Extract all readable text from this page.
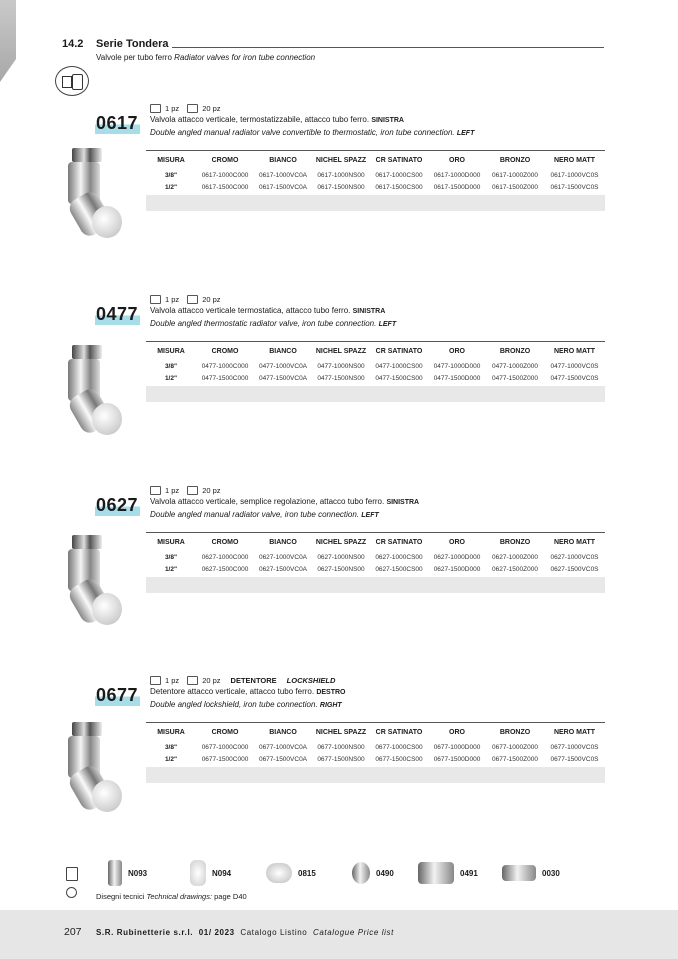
14.2 Serie Tondera
Valvole per tubo ferro Radiator valves for iron tube connection
1 pz	20 pz
0617 Valvola attacco verticale, termostatizzabile, attacco tubo ferro. SINISTRA
Double angled manual radiator valve convertible to thermostatic, iron tube connection. LEFT
MISURA	CROMO	BIANCO	NICHEL SPAZZ	CR SATINATO	ORO	BRONZO	NERO MATT
3/8"	0617-1000C000	0617-1000VC0A	0617-1000NS00	0617-1000CS00	0617-1000D000	0617-1000Z000	0617-1000VC0S
1/2"	0617-1500C000	0617-1500VC0A	0617-1500NS00	0617-1500CS00	0617-1500D000	0617-1500Z000	0617-1500VC0S
1 pz	20 pz
0477 Valvola attacco verticale termostatica, attacco tubo ferro. SINISTRA
Double angled thermostatic radiator valve, iron tube connection. LEFT
MISURA	CROMO	BIANCO	NICHEL SPAZZ	CR SATINATO	ORO	BRONZO	NERO MATT
3/8"	0477-1000C000	0477-1000VC0A	0477-1000NS00	0477-1000CS00	0477-1000D000	0477-1000Z000	0477-1000VC0S
1/2"	0477-1500C000	0477-1500VC0A	0477-1500NS00	0477-1500CS00	0477-1500D000	0477-1500Z000	0477-1500VC0S
1 pz	20 pz
0627 Valvola attacco verticale, semplice regolazione, attacco tubo ferro. SINISTRA
Double angled manual radiator valve, iron tube connection. LEFT
MISURA	CROMO	BIANCO	NICHEL SPAZZ	CR SATINATO	ORO	BRONZO	NERO MATT
3/8"	0627-1000C000	0627-1000VC0A	0627-1000NS00	0627-1000CS00	0627-1000D000	0627-1000Z000	0627-1000VC0S
1/2"	0627-1500C000	0627-1500VC0A	0627-1500NS00	0627-1500CS00	0627-1500D000	0627-1500Z000	0627-1500VC0S
1 pz	20 pz DETENTORE LOCKSHIELD
0677 Detentore attacco verticale, attacco tubo ferro. DESTRO
Double angled lockshield, iron tube connection. RIGHT
MISURA	CROMO	BIANCO	NICHEL SPAZZ	CR SATINATO	ORO	BRONZO	NERO MATT
3/8"	0677-1000C000	0677-1000VC0A	0677-1000NS00	0677-1000CS00	0677-1000D000	0677-1000Z000	0677-1000VC0S
1/2"	0677-1500C000	0677-1500VC0A	0677-1500NS00	0677-1500CS00	0677-1500D000	0677-1500Z000	0677-1500VC0S
N093	N094	0815	0490	0491	0030
Disegni tecnici Technical drawings: page D40
207 S.R. Rubinetterie s.r.l. 01/ 2023 Catalogo Listino Catalogue Price list
